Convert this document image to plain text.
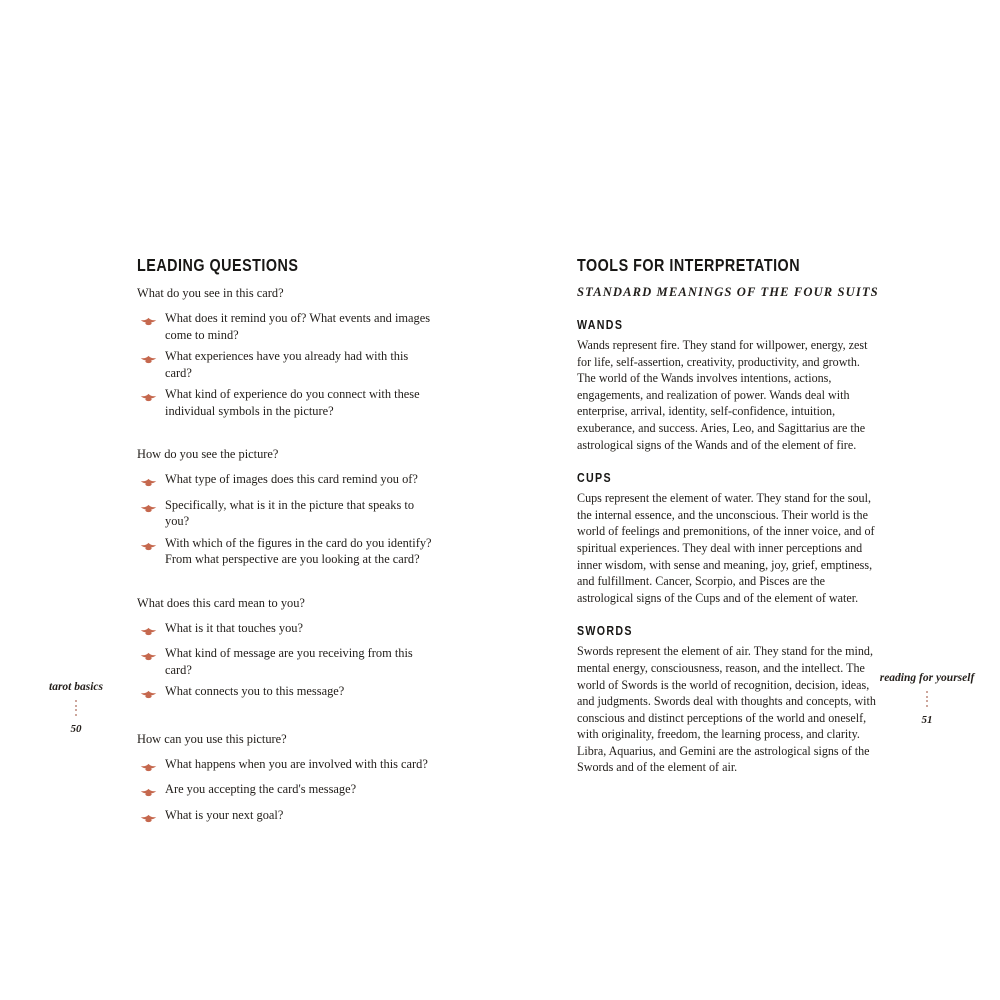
LEADING QUESTIONS

What do you see in this card?

What does it remind you of? What events and images come to mind?
What experiences have you already had with this card?
What kind of experience do you connect with these individual symbols in the picture?

How do you see the picture?

What type of images does this card remind you of?
Specifically, what is it in the picture that speaks to you?
With which of the figures in the card do you identify? From what perspective are you looking at the card?

What does this card mean to you?

What is it that touches you?
What kind of message are you receiving from this card?
What connects you to this message?

How can you use this picture?

What happens when you are involved with this card?
Are you accepting the card's message?
What is your next goal?
tarot basics
50
TOOLS FOR INTERPRETATION
STANDARD MEANINGS OF THE FOUR SUITS
WANDS

Wands represent fire. They stand for willpower, energy, zest for life, self-assertion, creativity, productivity, and growth. The world of the Wands involves intentions, actions, engagements, and realization of power. Wands deal with enterprise, arrival, identity, self-confidence, intuition, exuberance, and success. Aries, Leo, and Sagittarius are the astrological signs of the Wands and of the element of fire.

CUPS

Cups represent the element of water. They stand for the soul, the internal essence, and the unconscious. Their world is the world of feelings and premonitions, of the inner voice, and of spiritual experiences. They deal with inner perceptions and inner wisdom, with sense and meaning, joy, grief, emptiness, and fulfillment. Cancer, Scorpio, and Pisces are the astrological signs of the Cups and of the element of water.

SWORDS

Swords represent the element of air. They stand for the mind, mental energy, consciousness, reason, and the intellect. The world of Swords is the world of recognition, decision, ideas, and judgments. Swords deal with thoughts and concepts, with conscious and distinct perceptions of the world and oneself, with originality, freedom, the learning process, and clarity. Libra, Aquarius, and Gemini are the astrological signs of the Swords and of the element of air.

reading for yourself
51
